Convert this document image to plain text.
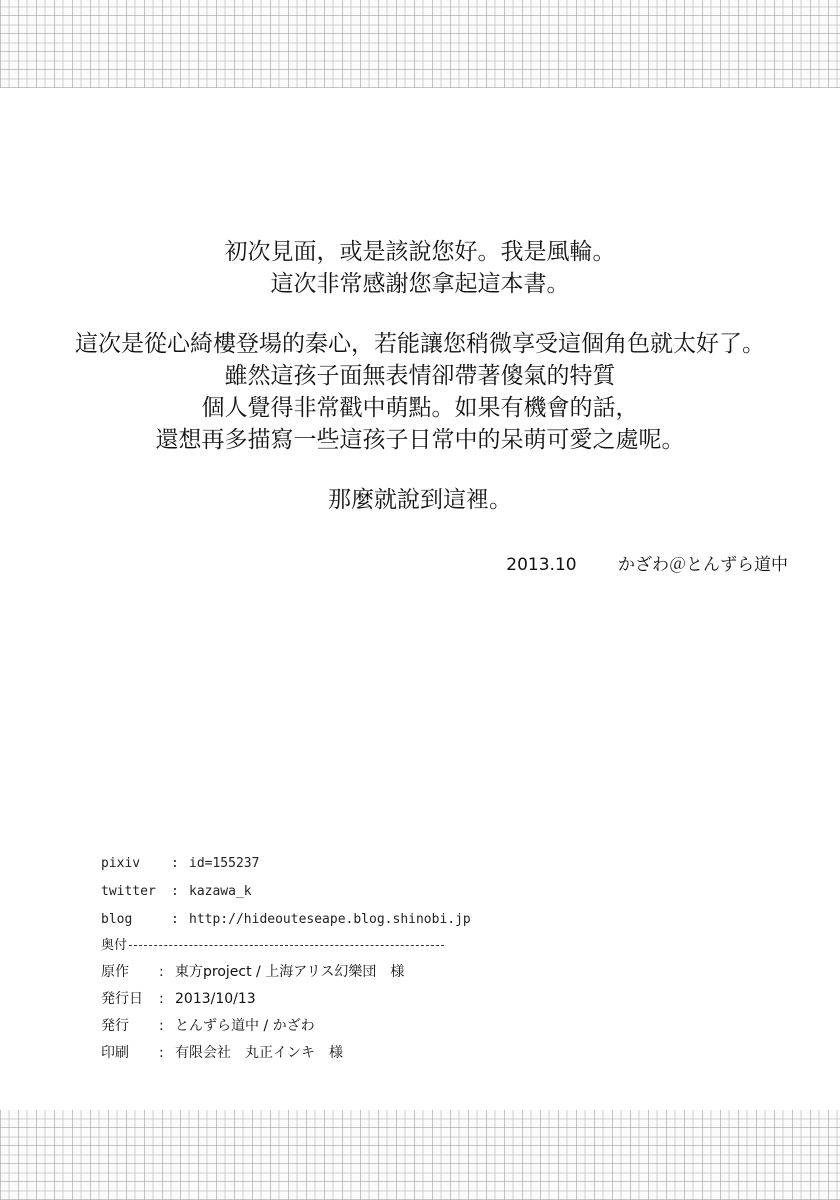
初次見面，或是該說您好。我是風輪。
這次非常感謝您拿起這本書。
這次是從心綺樓登場的秦心，若能讓您稍微享受這個角色就太好了。
雖然這孩子面無表情卻帶著傻氣的特質
個人覺得非常戳中萌點。如果有機會的話，
還想再多描寫一些這孩子日常中的呆萌可愛之處呢。
那麼就說到這裡。
2013.10 かざわ＠とんずら道中
pixiv : id=155237
twitter : kazawa_k
blog	: http://hideouteseape.blog.shinobi.jp
奥付
原作 : 東方project / 上海アリス幻樂団　様
発行日 : 2013/10/13
発行 : とんずら道中 / かざわ
印刷 : 有限会社　丸正インキ　様
